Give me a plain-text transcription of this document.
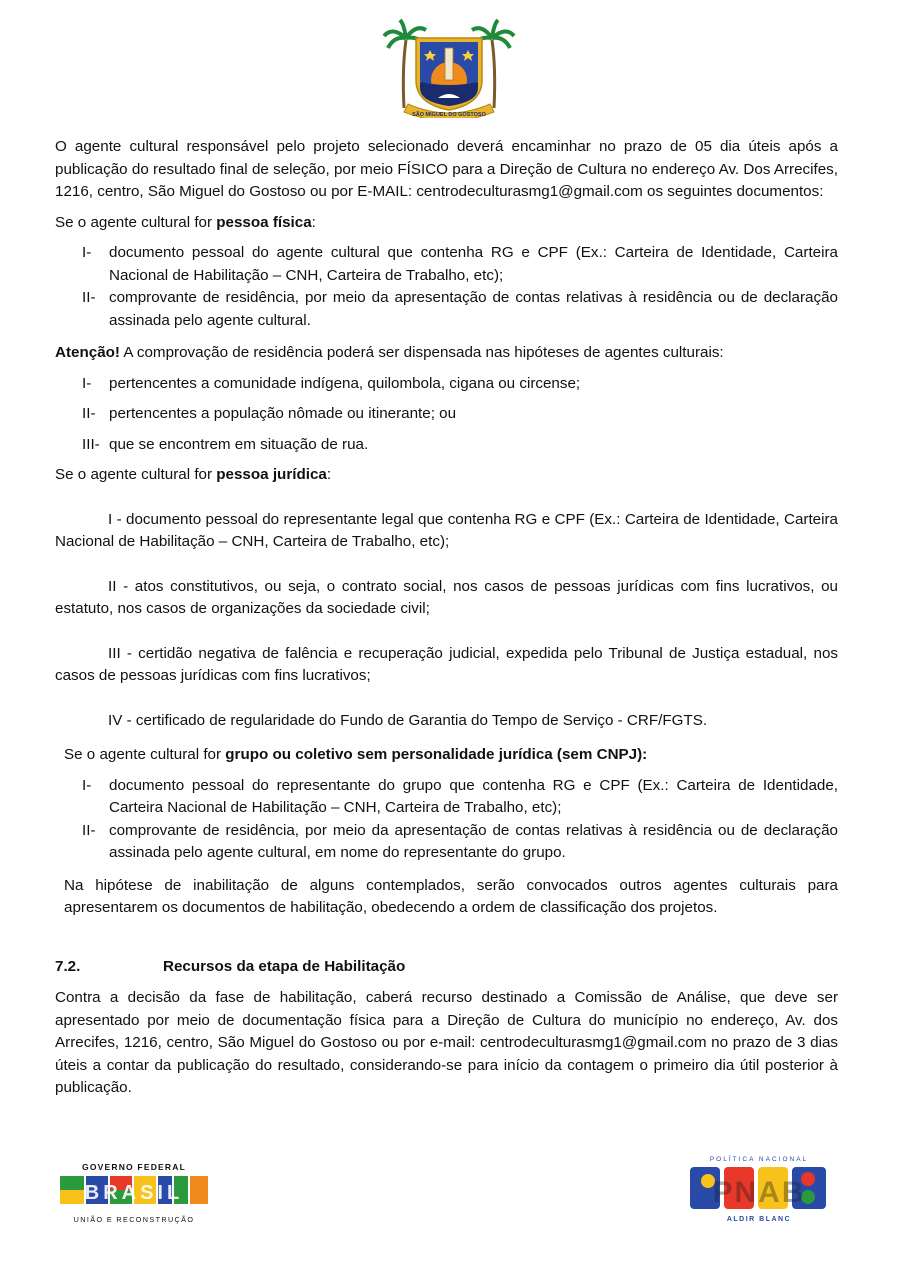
SÃO MIGUEL DO GOSTOSO

O agente cultural responsável pelo projeto selecionado deverá encaminhar no prazo de 05 dia úteis após a publicação do resultado final de seleção, por meio FÍSICO para a Direção de Cultura no endereço Av. Dos Arrecifes, 1216, centro, São Miguel do Gostoso ou por E-MAIL: centrodeculturasmg1@gmail.com os seguintes documentos:

Se o agente cultural for pessoa física:

I-	documento pessoal do agente cultural que contenha RG e CPF (Ex.: Carteira de Identidade, Carteira Nacional de Habilitação – CNH, Carteira de Trabalho, etc);
II- comprovante de residência, por meio da apresentação de contas relativas à residência ou de declaração assinada pelo agente cultural.

Atenção! A comprovação de residência poderá ser dispensada nas hipóteses de agentes culturais:

I-	pertencentes a comunidade indígena, quilombola, cigana ou circense;
II- pertencentes a população nômade ou itinerante; ou
III- que se encontrem em situação de rua.

Se o agente cultural for pessoa jurídica:

I - documento pessoal do representante legal que contenha RG e CPF (Ex.: Carteira de Identidade, Carteira Nacional de Habilitação – CNH, Carteira de Trabalho, etc);

II - atos constitutivos, ou seja, o contrato social, nos casos de pessoas jurídicas com fins lucrativos, ou estatuto, nos casos de organizações da sociedade civil;

III - certidão negativa de falência e recuperação judicial, expedida pelo Tribunal de Justiça estadual, nos casos de pessoas jurídicas com fins lucrativos;

IV - certificado de regularidade do Fundo de Garantia do Tempo de Serviço - CRF/FGTS.

Se o agente cultural for grupo ou coletivo sem personalidade jurídica (sem CNPJ):

I-	documento pessoal do representante do grupo que contenha RG e CPF (Ex.: Carteira de Identidade, Carteira Nacional de Habilitação – CNH, Carteira de Trabalho, etc);
II- comprovante de residência, por meio da apresentação de contas relativas à residência ou de declaração assinada pelo agente cultural, em nome do representante do grupo.

Na hipótese de inabilitação de alguns contemplados, serão convocados outros agentes culturais para apresentarem os documentos de habilitação, obedecendo a ordem de classificação dos projetos.

7.2.	Recursos da etapa de Habilitação

Contra a decisão da fase de habilitação, caberá recurso destinado a Comissão de Análise, que deve ser apresentado por meio de documentação física para a Direção de Cultura do município no endereço, Av. dos Arrecifes, 1216, centro, São Miguel do Gostoso ou por e-mail: centrodeculturasmg1@gmail.com no prazo de 3 dias úteis a contar da publicação do resultado, considerando-se para início da contagem o primeiro dia útil posterior à publicação.

GOVERNO FEDERAL
BRASIL
UNIÃO E RECONSTRUÇÃO
POLÍTICA NACIONAL
PNAB
ALDIR BLANC
